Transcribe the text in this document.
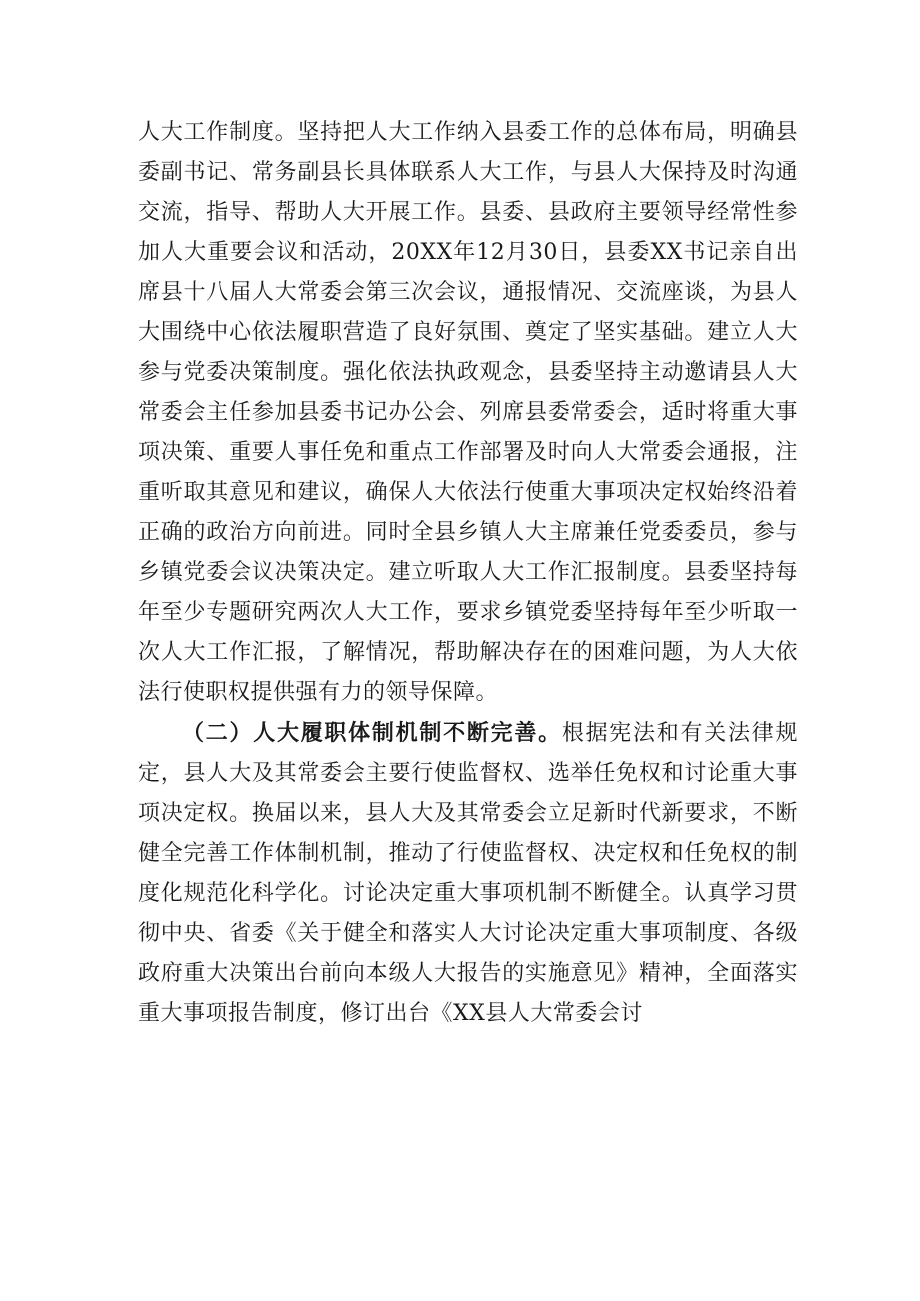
人大工作制度。坚持把人大工作纳入县委工作的总体布局，明确县委副书记、常务副县长具体联系人大工作，与县人大保持及时沟通交流，指导、帮助人大开展工作。县委、县政府主要领导经常性参加人大重要会议和活动，20XX年12月30日，县委XX书记亲自出席县十八届人大常委会第三次会议，通报情况、交流座谈，为县人大围绕中心依法履职营造了良好氛围、奠定了坚实基础。建立人大参与党委决策制度。强化依法执政观念，县委坚持主动邀请县人大常委会主任参加县委书记办公会、列席县委常委会，适时将重大事项决策、重要人事任免和重点工作部署及时向人大常委会通报，注重听取其意见和建议，确保人大依法行使重大事项决定权始终沿着正确的政治方向前进。同时全县乡镇人大主席兼任党委委员，参与乡镇党委会议决策决定。建立听取人大工作汇报制度。县委坚持每年至少专题研究两次人大工作，要求乡镇党委坚持每年至少听取一次人大工作汇报，了解情况，帮助解决存在的困难问题，为人大依法行使职权提供强有力的领导保障。

（二）人大履职体制机制不断完善。根据宪法和有关法律规定，县人大及其常委会主要行使监督权、选举任免权和讨论重大事项决定权。换届以来，县人大及其常委会立足新时代新要求，不断健全完善工作体制机制，推动了行使监督权、决定权和任免权的制度化规范化科学化。讨论决定重大事项机制不断健全。认真学习贯彻中央、省委《关于健全和落实人大讨论决定重大事项制度、各级政府重大决策出台前向本级人大报告的实施意见》精神，全面落实重大事项报告制度，修订出台《XX县人大常委会讨
